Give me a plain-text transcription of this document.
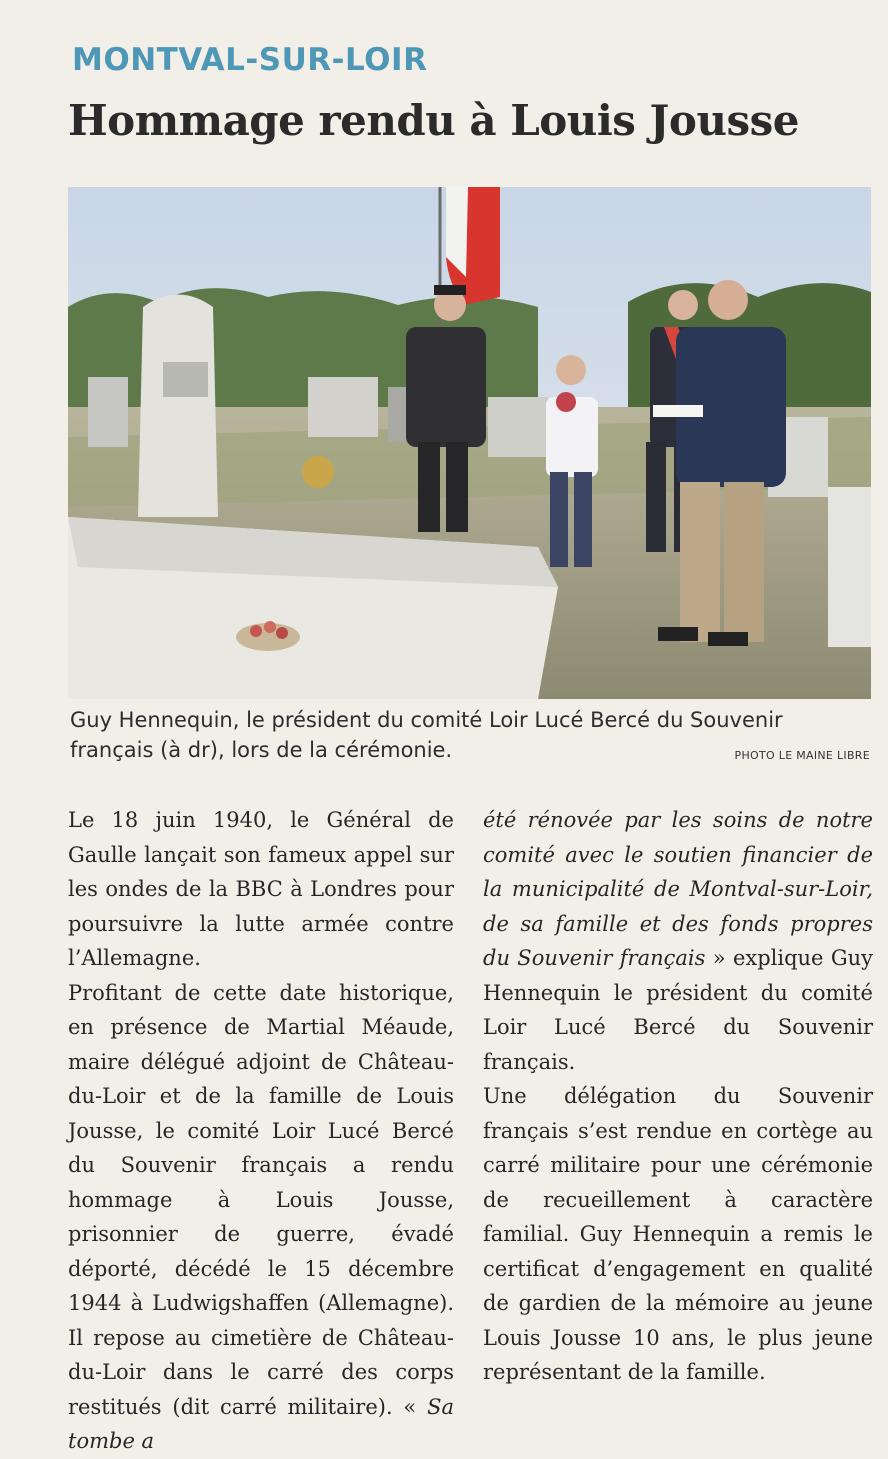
MONTVAL-SUR-LOIR
Hommage rendu à Louis Jousse

Guy Hennequin, le président du comité Loir Lucé Bercé du Souvenir français (à dr), lors de la cérémonie.	PHOTO LE MAINE LIBRE

Le 18 juin 1940, le Général de Gaulle lançait son fameux appel sur les ondes de la BBC à Londres pour poursuivre la lutte armée contre l’Allemagne.

Profitant de cette date historique, en présence de Martial Méaude, maire délégué adjoint de Château-du-Loir et de la famille de Louis Jousse, le comité Loir Lucé Bercé du Souvenir français a rendu hommage à Louis Jousse, prisonnier de guerre, évadé déporté, décédé le 15 décembre 1944 à Ludwigshaffen (Allemagne). Il repose au cimetière de Château-du-Loir dans le carré des corps restitués (dit carré militaire). « Sa tombe a

été rénovée par les soins de notre comité avec le soutien financier de la municipalité de Montval-sur-Loir, de sa famille et des fonds propres du Souvenir français » explique Guy Hennequin le président du comité Loir Lucé Bercé du Souvenir français.

Une délégation du Souvenir français s’est rendue en cortège au carré militaire pour une cérémonie de recueillement à caractère familial. Guy Hennequin a remis le certificat d’engagement en qualité de gardien de la mémoire au jeune Louis Jousse 10 ans, le plus jeune représentant de la famille.
